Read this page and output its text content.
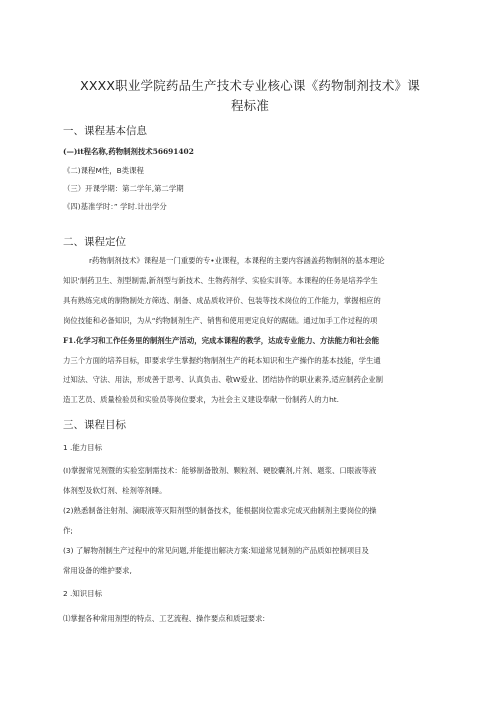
XXXX职业学院药品生产技术专业核心课《药物制剂技术》课
程标准
一、课程基本信息
(—)it程名称,药物制剂技术56691402
《二)课程M性，B类课程
（三）开课学期：第二学年,第二学期
《四)基准学时：” 学时.计出学分
二、课程定位
r药物制剂技术》课程是一门重要的专•业课程，本课程的主要内容涵盖药物制剂的基本理论
知识'制药卫生、剂型制需,新剂型与新技术、生物药剂学、实验实训等。本课程的任务是培养学生
具有熟练完成的制物制处方筛选、制备、成品质收评价、包装等技术岗位的工作能力，掌握相应的
岗位技能和必备知识，为从“约物制剂生产、销售和使用更定良好的踞础。通过加手工作过程的项
F1.化学习和工作任务里的制剂生产活动，完成本课程的教学，达成专业能力、方法能力和社会能
力三个方面的培养目标，即要求学生掌握约物制剂生产的耗本知识和生产操作的基本技能，学生通
过知法、守法、用法，形成善于思考、认真负击、敬W爱业、团结协作的职业素养,适应制药企业制
造工艺员、质量检验员和实验员等岗位要求，为社会主义建设奉献一份制药人的力ht.
三、课程目标
1 .能力目标
(I)掌握常见剂暨的实验室制需技术：能够制备散剂、颗粒剂、硬胶囊剂,片剂、题浆、口眼液等液
体剂型及软灯剂、栓剂等剂睡。
(2)熟悉制备注射剂、滴眼液等灭阳剂型的制备技术，能根据岗位需求完成灭曲制剂主要岗位的操
作;
(3) 了解物剂制生产过程中的常见问题,并能提出解决方案:知道常见制剂的产品质如控制项目及
常用设备的维护要求,
2 .知识目标
⑴掌握各种常用剂型的特点、工艺流程、操作要点和质冠要求:
